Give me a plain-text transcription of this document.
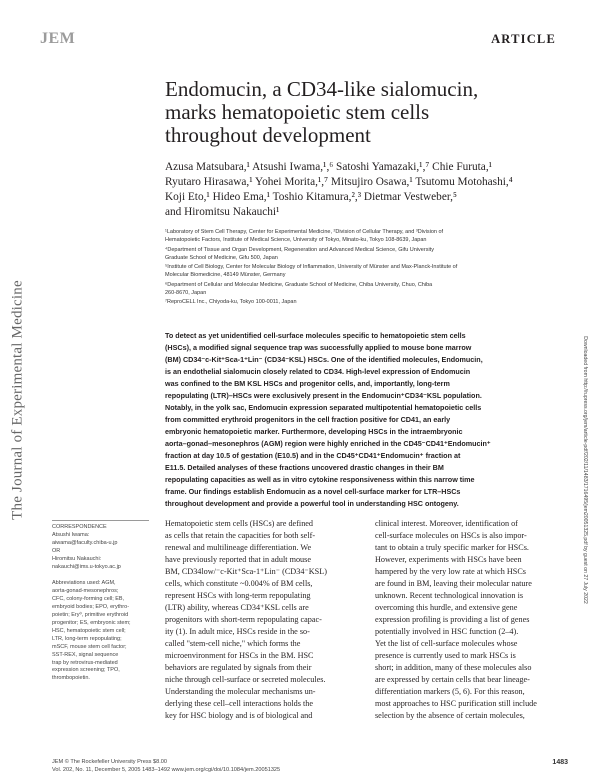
JEM	ARTICLE
The Journal of Experimental Medicine	Downloaded from http://rupress.org/jem/article-pdf/202/11/1483/1716495/jem20051325.pdf by guest on 27 July 2022
Endomucin, a CD34-like sialomucin,
marks hematopoietic stem cells
throughout development
Azusa Matsubara,¹ Atsushi Iwama,¹,⁶ Satoshi Yamazaki,¹,⁷ Chie Furuta,¹
Ryutaro Hirasawa,¹ Yohei Morita,¹,⁷ Mitsujiro Osawa,¹ Tsutomu Motohashi,⁴
Koji Eto,¹ Hideo Ema,¹ Toshio Kitamura,²,³ Dietmar Vestweber,⁵
and Hiromitsu Nakauchi¹
¹Laboratory of Stem Cell Therapy, Center for Experimental Medicine, ²Division of Cellular Therapy, and ³Division of
Hematopoietic Factors, Institute of Medical Science, University of Tokyo, Minato-ku, Tokyo 108-8639, Japan
⁴Department of Tissue and Organ Development, Regeneration and Advanced Medical Science, Gifu University
Graduate School of Medicine, Gifu 500, Japan
⁵Institute of Cell Biology, Center for Molecular Biology of Inflammation, University of Münster and Max-Planck-Institute of
Molecular Biomedicine, 48149 Münster, Germany
⁶Department of Cellular and Molecular Medicine, Graduate School of Medicine, Chiba University, Chuo, Chiba
260-8670, Japan
⁷ReproCELL Inc., Chiyoda-ku, Tokyo 100-0011, Japan
To detect as yet unidentified cell-surface molecules specific to hematopoietic stem cells
(HSCs), a modified signal sequence trap was successfully applied to mouse bone marrow
(BM) CD34⁻c-Kit⁺Sca-1⁺Lin⁻ (CD34⁻KSL) HSCs. One of the identified molecules, Endomucin,
is an endothelial sialomucin closely related to CD34. High-level expression of Endomucin
was confined to the BM KSL HSCs and progenitor cells, and, importantly, long-term
repopulating (LTR)–HSCs were exclusively present in the Endomucin⁺CD34⁻KSL population.
Notably, in the yolk sac, Endomucin expression separated multipotential hematopoietic cells
from committed erythroid progenitors in the cell fraction positive for CD41, an early
embryonic hematopoietic marker. Furthermore, developing HSCs in the intraembryonic
aorta–gonad–mesonephros (AGM) region were highly enriched in the CD45⁻CD41⁺Endomucin⁺
fraction at day 10.5 of gestation (E10.5) and in the CD45⁺CD41⁺Endomucin⁺ fraction at
E11.5. Detailed analyses of these fractions uncovered drastic changes in their BM
repopulating capacities as well as in vitro cytokine responsiveness within this narrow time
frame. Our findings establish Endomucin as a novel cell-surface marker for LTR–HSCs
throughout development and provide a powerful tool in understanding HSC ontogeny.
CORRESPONDENCE
Atsushi Iwama:
aiwama@faculty.chiba-u.jp
OR
Hiromitsu Nakauchi:
nakauchi@ims.u-tokyo.ac.jp
Abbreviations used: AGM,
aorta-gonad-mesonephros;
CFC, colony-forming cell; EB,
embryoid bodies; EPO, erythro-
poietin; Ery⁰, primitive erythroid
progenitor; ES, embryonic stem;
HSC, hematopoietic stem cell;
LTR, long-term repopulating;
mSCF, mouse stem cell factor;
SST-REX, signal sequence
trap by retrovirus-mediated
expression screening; TPO,
thrombopoietin.
Hematopoietic stem cells (HSCs) are defined
as cells that retain the capacities for both self-
renewal and multilineage differentiation. We
have previously reported that in adult mouse
BM, CD34low/⁻c-Kit⁺Sca-1⁺Lin⁻ (CD34⁻KSL)
cells, which constitute ~0.004% of BM cells,
represent HSCs with long-term repopulating
(LTR) ability, whereas CD34⁺KSL cells are
progenitors with short-term repopulating capac-
ity (1). In adult mice, HSCs reside in the so-
called "stem-cell niche," which forms the
microenvironment for HSCs in the BM. HSC
behaviors are regulated by signals from their
niche through cell-surface or secreted molecules.
Understanding the molecular mechanisms un-
derlying these cell–cell interactions holds the
key for HSC biology and is of biological and
clinical interest. Moreover, identification of
cell-surface molecules on HSCs is also impor-
tant to obtain a truly specific marker for HSCs.
However, experiments with HSCs have been
hampered by the very low rate at which HSCs
are found in BM, leaving their molecular nature
unknown. Recent technological innovation is
overcoming this hurdle, and extensive gene
expression profiling is providing a list of genes
potentially involved in HSC function (2–4).
Yet the list of cell-surface molecules whose
presence is currently used to mark HSCs is
short; in addition, many of these molecules also
are expressed by certain cells that bear lineage-
differentiation markers (5, 6). For this reason,
most approaches to HSC purification still include
selection by the absence of certain molecules,
JEM © The Rockefeller University Press $8.00
Vol. 202, No. 11, December 5, 2005 1483–1492 www.jem.org/cgi/doi/10.1084/jem.20051325
1483
